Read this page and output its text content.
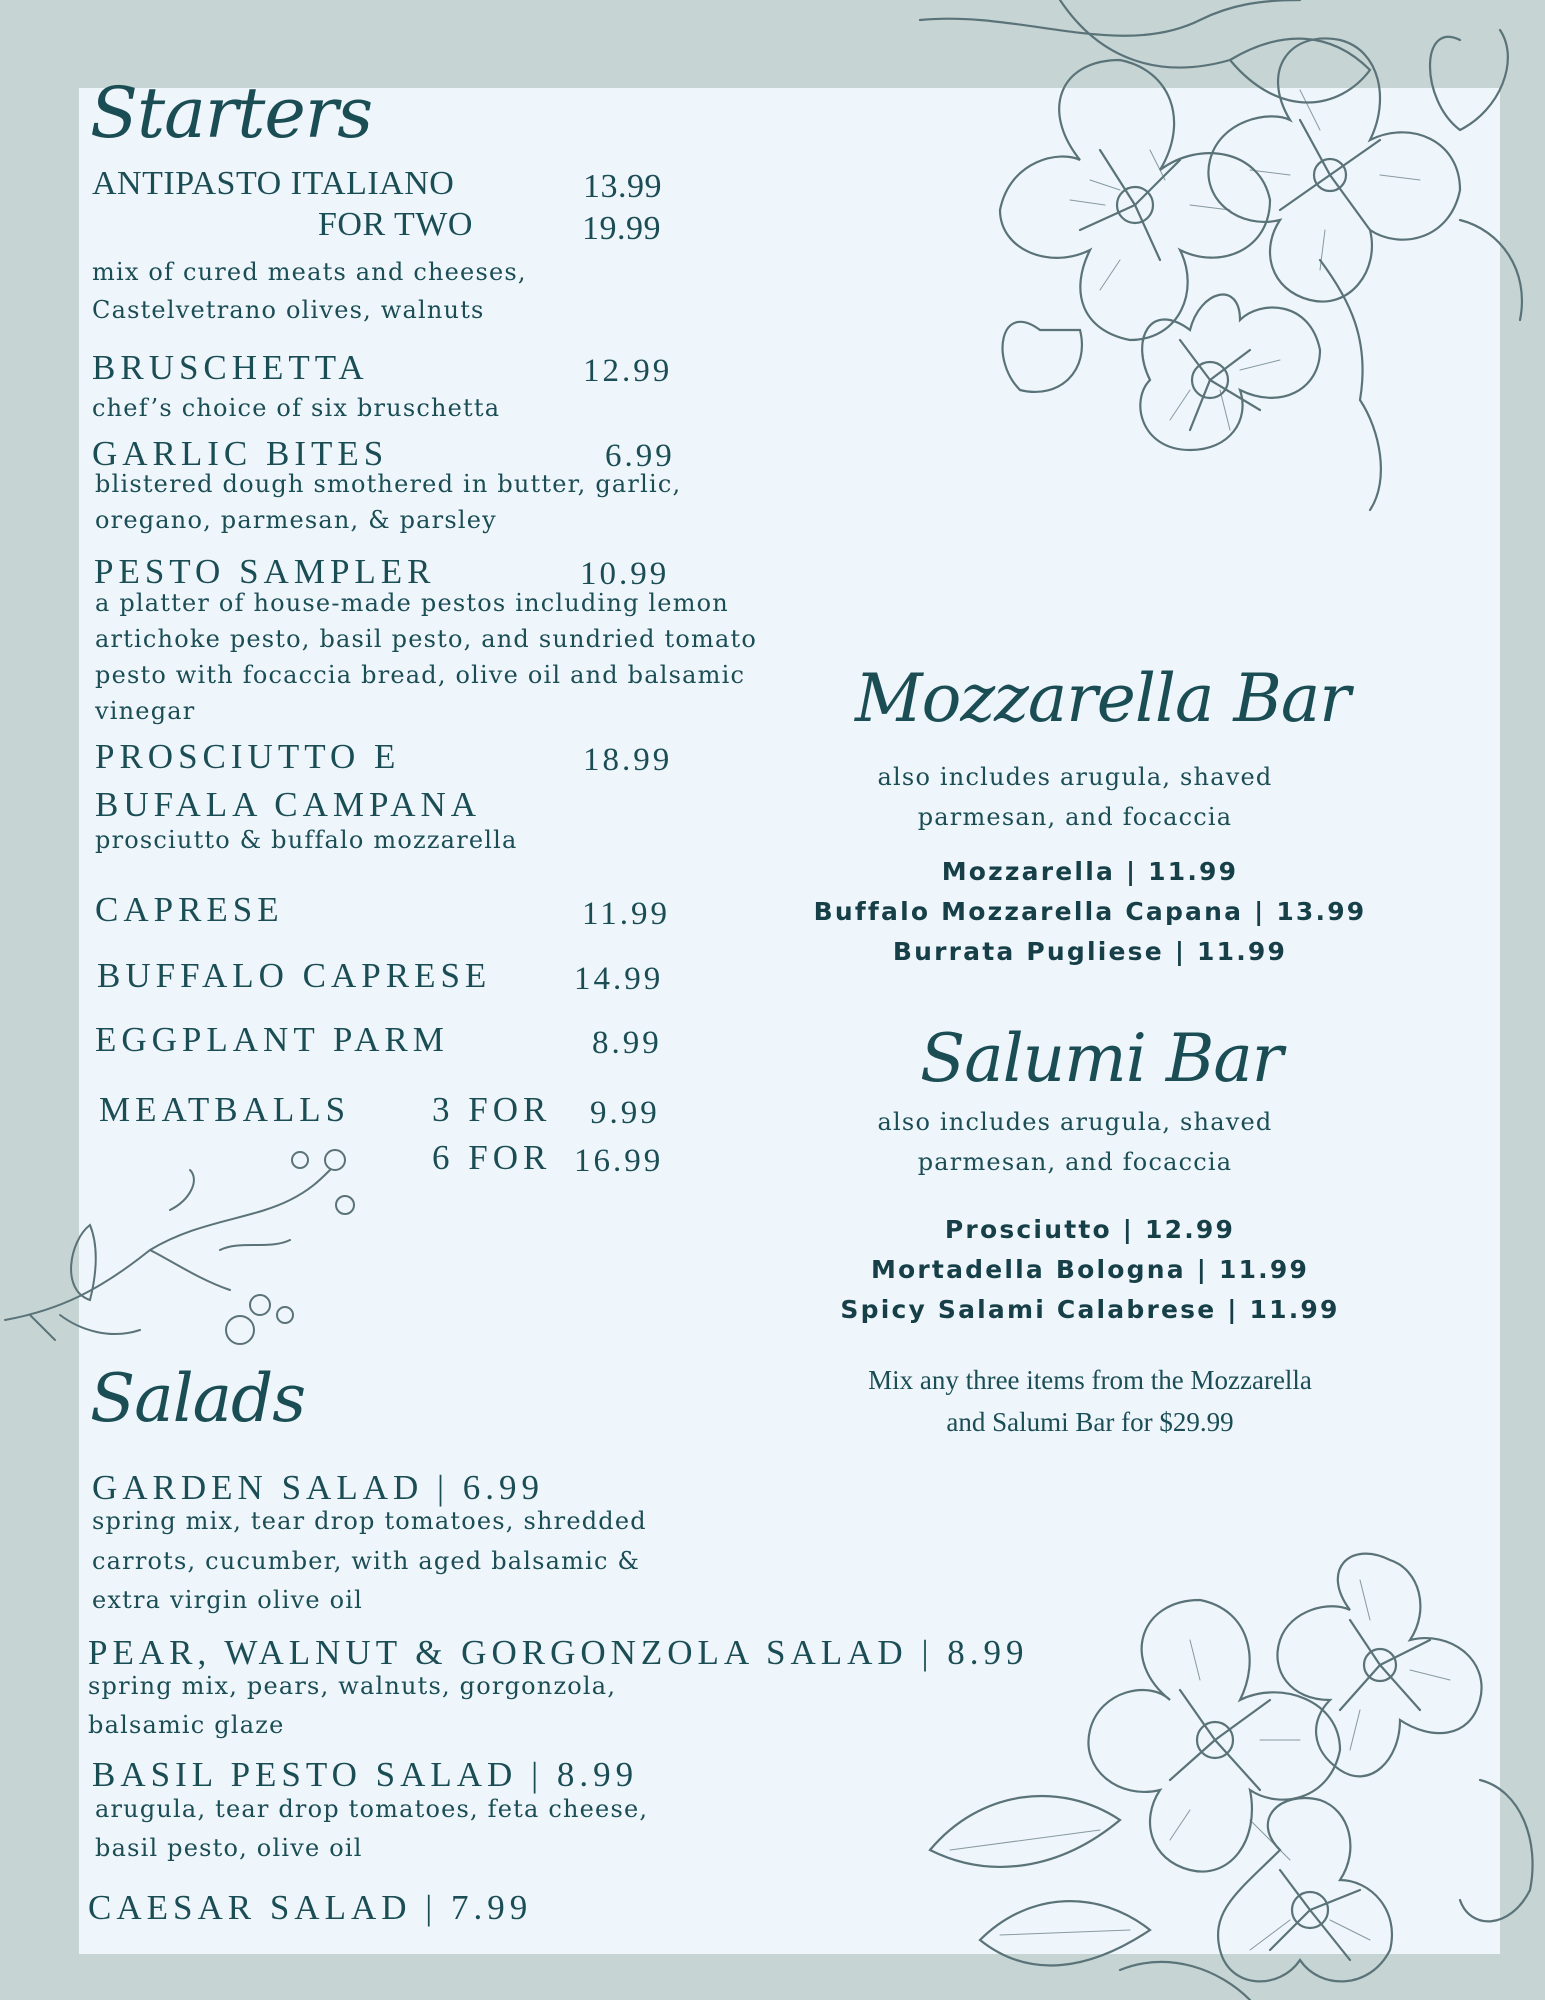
Starters
ANTIPASTO ITALIANO	13.99
FOR TWO	19.99
mix of cured meats and cheeses,
Castelvetrano olives, walnuts
BRUSCHETTA	12.99
chef’s choice of six bruschetta
GARLIC BITES	6.99
blistered dough smothered in butter, garlic,
oregano, parmesan, & parsley
PESTO SAMPLER	10.99
a platter of house-made pestos including lemon
artichoke pesto, basil pesto, and sundried tomato
pesto with focaccia bread, olive oil and balsamic
vinegar
PROSCIUTTO E	18.99
BUFALA CAMPANA
prosciutto & buffalo mozzarella
CAPRESE	11.99
BUFFALO CAPRESE	14.99
EGGPLANT PARM	8.99
MEATBALLS 3 FOR 9.99
6 FOR 16.99
Mozzarella Bar
also includes arugula, shaved
parmesan, and focaccia
Mozzarella | 11.99
Buffalo Mozzarella Capana | 13.99
Burrata Pugliese | 11.99
Salumi Bar
also includes arugula, shaved
parmesan, and focaccia
Prosciutto | 12.99
Mortadella Bologna | 11.99
Spicy Salami Calabrese | 11.99
Mix any three items from the Mozzarella
and Salumi Bar for $29.99
Salads
GARDEN SALAD | 6.99
spring mix, tear drop tomatoes, shredded
carrots, cucumber, with aged balsamic &
extra virgin olive oil
PEAR, WALNUT & GORGONZOLA SALAD | 8.99
spring mix, pears, walnuts, gorgonzola,
balsamic glaze
BASIL PESTO SALAD | 8.99
arugula, tear drop tomatoes, feta cheese,
basil pesto, olive oil
CAESAR SALAD | 7.99
